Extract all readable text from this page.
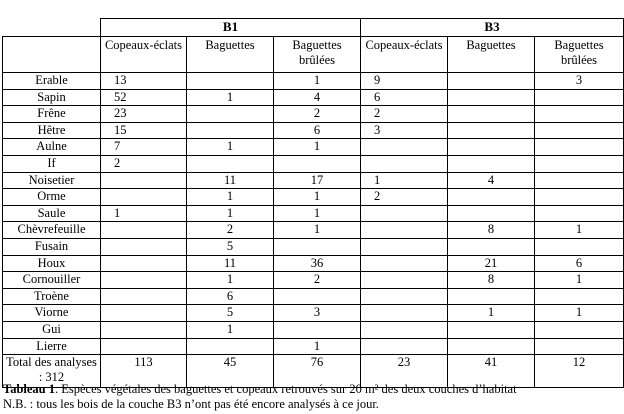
	B1			B3		
	Copeaux-éclats	Baguettes	Baguettes brûlées	Copeaux-éclats	Baguettes	Baguettes brûlées
Erable	13		1	9		3
Sapin	52	1	4	6		
Frêne	23		2	2		
Hêtre	15		6	3		
Aulne	7	1	1			
If	2					
Noisetier		11	17	1	4	
Orme		1	1	2		
Saule	1	1	1			
Chèvrefeuille		2	1		8	1
Fusain		5				
Houx		11	36		21	6
Cornouiller		1	2		8	1
Troène		6				
Viorne		5	3		1	1
Gui		1				
Lierre			1			
Total des analyses : 312	113	45	76	23	41	12
Tableau 1. Espèces végétales des baguettes et copeaux retrouvés sur 20 m² des deux couches d’habitat
N.B. : tous les bois de la couche B3 n’ont pas été encore analysés à ce jour.
